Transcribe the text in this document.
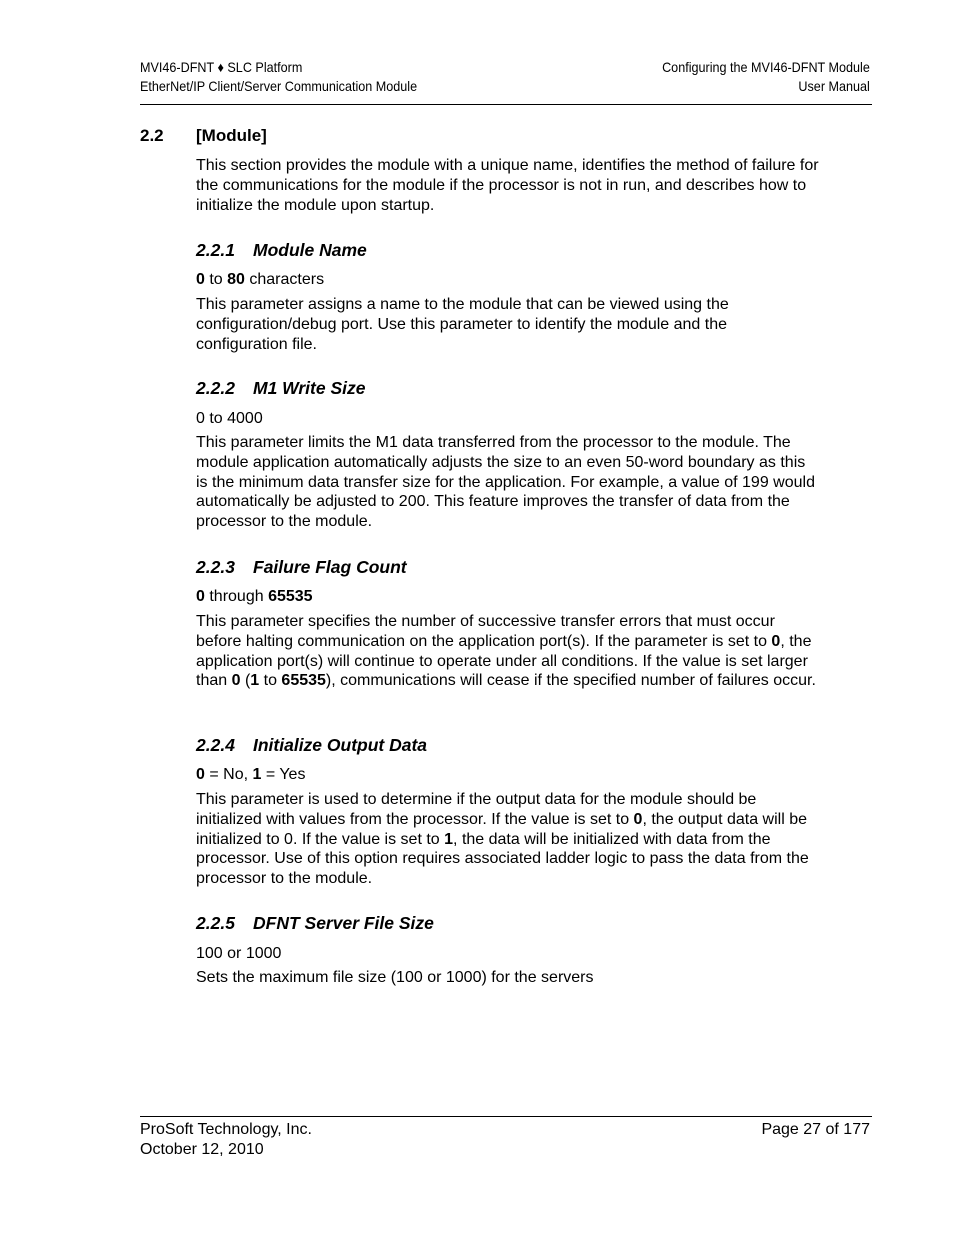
MVI46-DFNT ♦ SLC Platform
EtherNet/IP Client/Server Communication Module
Configuring the MVI46-DFNT Module
User Manual
2.2 [Module]

This section provides the module with a unique name, identifies the method of failure for the communications for the module if the processor is not in run, and describes how to initialize the module upon startup.

2.2.1 Module Name

0 to 80 characters

This parameter assigns a name to the module that can be viewed using the configuration/debug port. Use this parameter to identify the module and the configuration file.

2.2.2 M1 Write Size

0 to 4000

This parameter limits the M1 data transferred from the processor to the module. The module application automatically adjusts the size to an even 50-word boundary as this is the minimum data transfer size for the application. For example, a value of 199 would automatically be adjusted to 200. This feature improves the transfer of data from the processor to the module.

2.2.3 Failure Flag Count

0 through 65535

This parameter specifies the number of successive transfer errors that must occur before halting communication on the application port(s). If the parameter is set to 0, the application port(s) will continue to operate under all conditions. If the value is set larger than 0 (1 to 65535), communications will cease if the specified number of failures occur.

2.2.4 Initialize Output Data

0 = No, 1 = Yes

This parameter is used to determine if the output data for the module should be initialized with values from the processor. If the value is set to 0, the output data will be initialized to 0. If the value is set to 1, the data will be initialized with data from the processor. Use of this option requires associated ladder logic to pass the data from the processor to the module.

2.2.5 DFNT Server File Size

100 or 1000

Sets the maximum file size (100 or 1000) for the servers

ProSoft Technology, Inc.
October 12, 2010
Page 27 of 177
